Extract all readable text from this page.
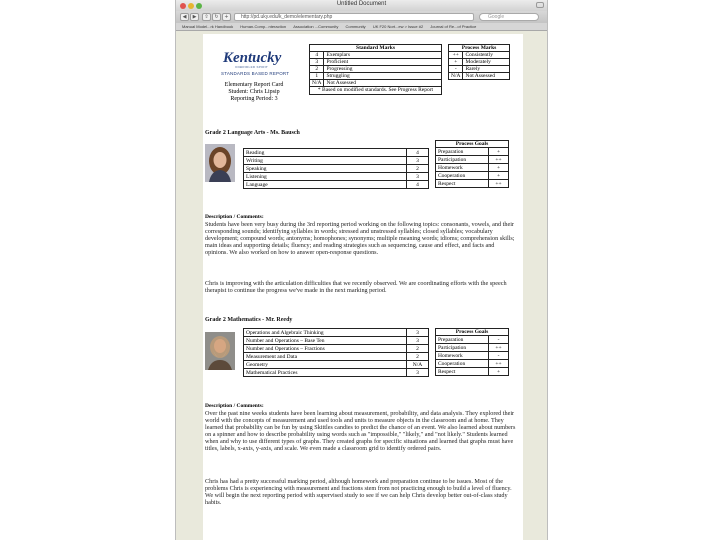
Untitled Document
◀	▶	⇧	↻	+	http://pd.uky.edu/k_demo/elementary.php	Google
Manual Model...rk Handbook Human-Comp...nteraction Association ...Community Community UK F20 Nort...ew > Issue #2 Journal of Re...of Practice
Kentucky
UNBRIDLED SPIRIT
STANDARDS BASED REPORT
Elementary Report Card
Student: Chris Lipsip
Reporting Period: 3
Standard Marks	
4	Exemplars
3	Proficient
2	Progressing
1	Struggling
N/A	Not Assessed
* Based on modified standards. See Progress Report	
Process Marks	
++	Consistently
+	Moderately
-	Rarely
N/A	Not Assessed
Grade 2 Language Arts - Ms. Bausch
Reading	4
Writing	3
Speaking	2
Listening	3
Language	4
Process Goals	
Preparation	+
Participation	++
Homework	+
Cooperation	+
Respect	++
Description / Comments:
Students have been very busy during the 3rd reporting period working on the following topics: consonants, vowels, and their corresponding sounds; identifying syllables in words; stressed and unstressed syllables; closed syllables; vocabulary development; compound words; antonyms; homophones; synonyms; multiple meaning words; idioms; comprehension skills; main ideas and supporting details; fluency; and reading strategies such as sequencing, cause and effect, and facts and opinions. We also worked on how to answer open-response questions.
Chris is improving with the articulation difficulties that we recently observed. We are coordinating efforts with the speech therapist to continue the progress we've made in the next marking period.
Grade 2 Mathematics - Mr. Reedy
Operations and Algebraic Thinking	3
Number and Operations – Base Ten	3
Number and Operations – Fractions	2
Measurement and Data	2
Geometry	N/A
Mathematical Practices	3
Process Goals	
Preparation	-
Participation	++
Homework	-
Cooperation	++
Respect	+
Description / Comments:
Over the past nine weeks students have been learning about measurement, probability, and data analysis. They explored their world with the concepts of measurement and used tools and units to measure objects in the classroom and at home. They learned that probability can be fun by using Skittles candies to predict the chance of an event. We also learned about numbers on a spinner and how to describe probability using words such as "impossible," "likely," and "not likely." Students learned when and why to use different types of graphs. They created graphs for specific situations and learned that graphs must have titles, labels, x-axis, y-axis, and scale. We even made a classroom grid to identify ordered pairs.
Chris has had a pretty successful marking period, although homework and preparation continue to be issues. Most of the problems Chris is experiencing with measurement and fractions stem from not practicing enough to build a level of fluency. We will begin the next reporting period with supervised study to see if we can help Chris develop better out-of-class study habits.
